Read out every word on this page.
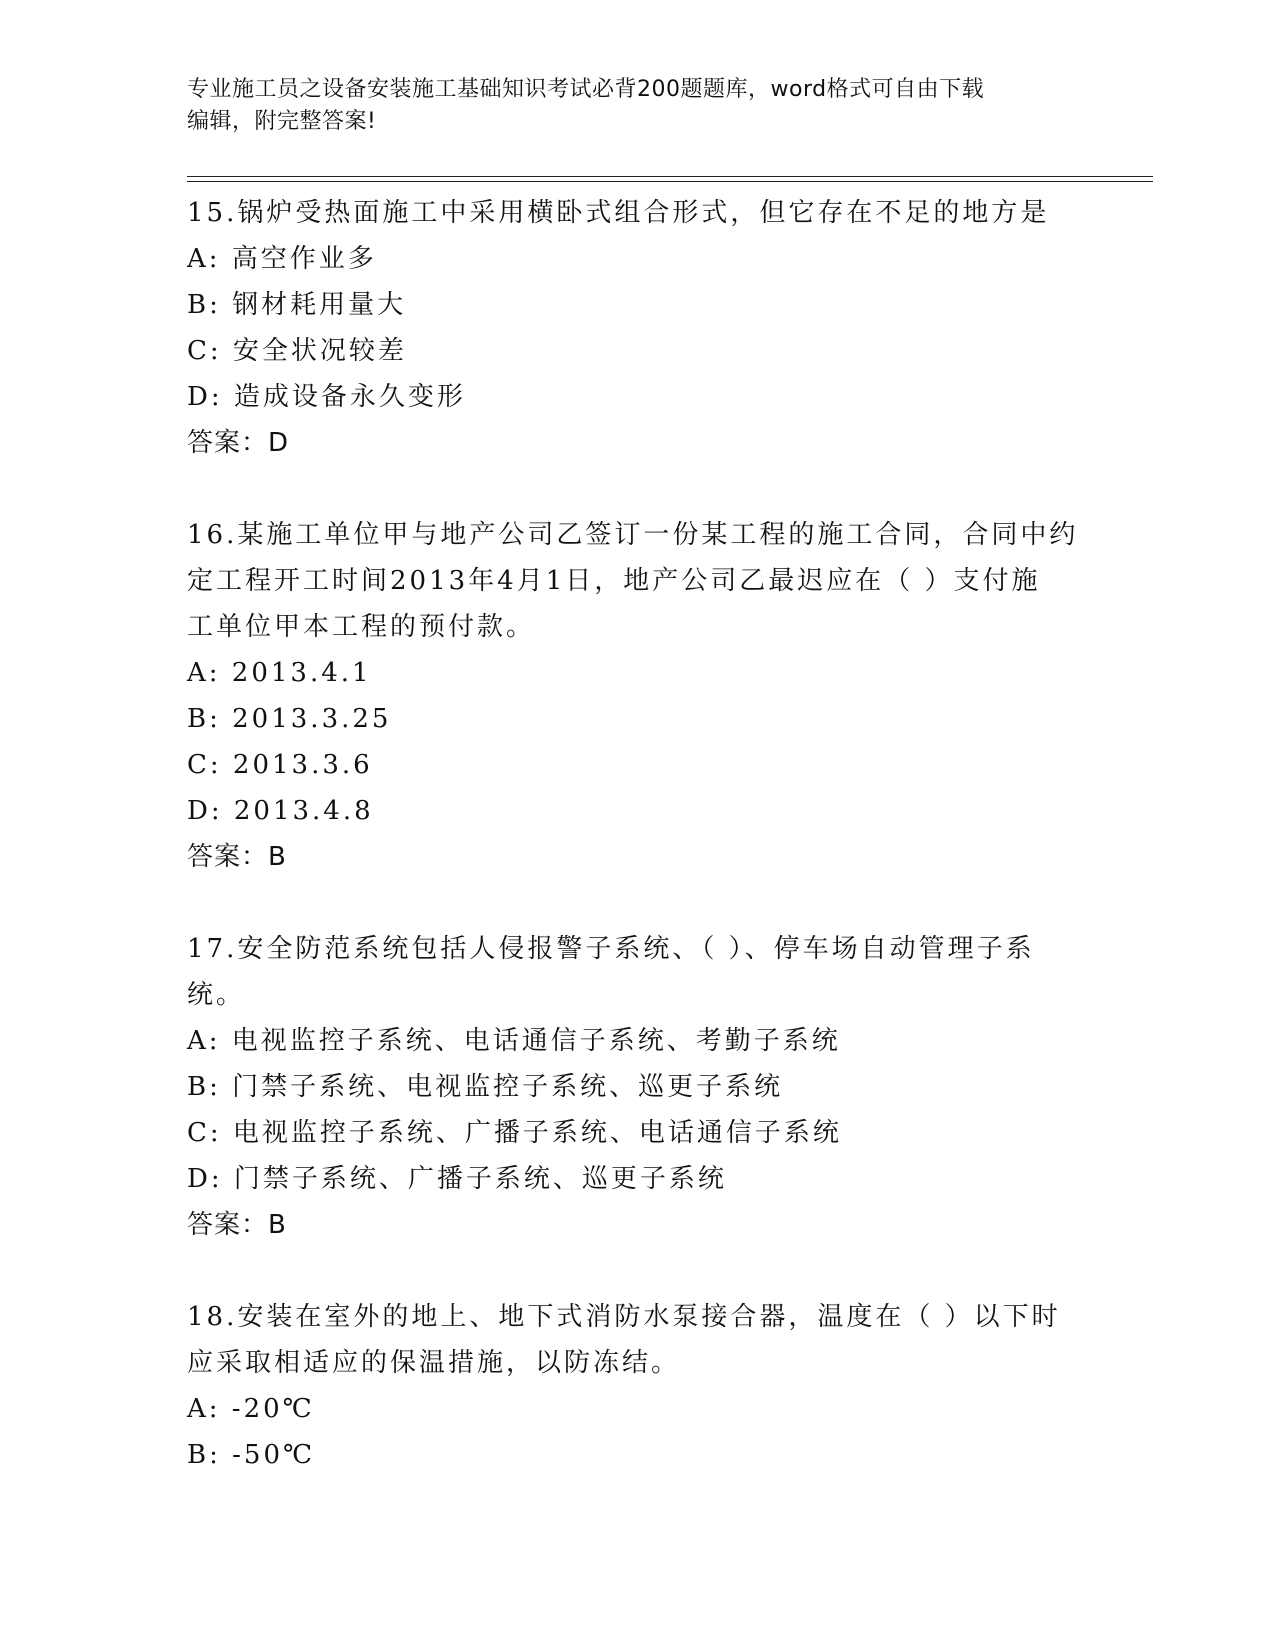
专业施工员之设备安装施工基础知识考试必背200题题库，word格式可自由下载
编辑，附完整答案!

15.锅炉受热面施工中采用横卧式组合形式，但它存在不足的地方是

A: 高空作业多

B: 钢材耗用量大

C: 安全状况较差

D: 造成设备永久变形

答案：D

16.某施工单位甲与地产公司乙签订一份某工程的施工合同，合同中约

定工程开工时间2013年4月1日，地产公司乙最迟应在（ ）支付施

工单位甲本工程的预付款。

A: 2013.4.1

B: 2013.3.25

C: 2013.3.6

D: 2013.4.8

答案：B

17.安全防范系统包括人侵报警子系统、（ ）、停车场自动管理子系

统。

A: 电视监控子系统、电话通信子系统、考勤子系统

B: 门禁子系统、电视监控子系统、巡更子系统

C: 电视监控子系统、广播子系统、电话通信子系统

D: 门禁子系统、广播子系统、巡更子系统

答案：B

18.安装在室外的地上、地下式消防水泵接合器，温度在（ ）以下时

应采取相适应的保温措施，以防冻结。

A: -20℃

B: -50℃
